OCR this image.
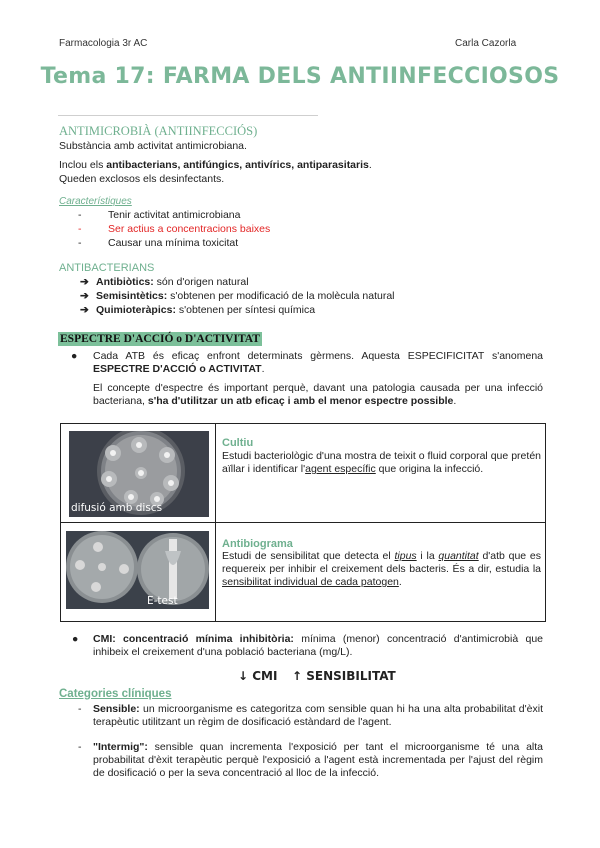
Farmacologia 3r AC	Carla Cazorla
Tema 17: FARMA DELS ANTIINFECCIOSOS
ANTIMICROBIÀ (ANTIINFECCIÓS)
Substància amb activitat antimicrobiana.
Inclou els antibacterians, antifúngics, antivírics, antiparasitaris.
Queden exclosos els desinfectants.
Característiques
-	Tenir activitat antimicrobiana
-	Ser actius a concentracions baixes
-	Causar una mínima toxicitat
ANTIBACTERIANS
➔ Antibiòtics: són d'origen natural
➔ Semisintètics: s'obtenen per modificació de la molècula natural
➔ Quimioteràpics: s'obtenen per síntesi química
ESPECTRE D'ACCIÓ o D'ACTIVITAT
● Cada ATB és eficaç enfront determinats gèrmens. Aquesta ESPECIFICITAT s'anomena ESPECTRE D'ACCIÓ o ACTIVITAT.
El concepte d'espectre és important perquè, davant una patologia causada per una infecció bacteriana, s'ha d'utilitzar un atb eficaç i amb el menor espectre possible.
difusió amb discs	Cultiu
Estudi bacteriològic d'una mostra de teixit o fluid corporal que pretén aïllar i identificar l'agent específic que origina la infecció.

E-test	Antibiograma
Estudi de sensibilitat que detecta el tipus i la quantitat d'atb que es requereix per inhibir el creixement dels bacteris. És a dir, estudia la sensibilitat individual de cada patogen.
● CMI: concentració mínima inhibitòria: mínima (menor) concentració d'antimicrobià que inhibeix el creixement d'una població bacteriana (mg/L).
↓ CMI ↑ SENSIBILITAT
Categories clíniques
- Sensible: un microorganisme es categoritza com sensible quan hi ha una alta probabilitat d'èxit terapèutic utilitzant un règim de dosificació estàndard de l'agent.
- "Intermig": sensible quan incrementa l'exposició per tant el microorganisme té una alta probabilitat d'èxit terapèutic perquè l'exposició a l'agent està incrementada per l'ajust del règim de dosificació o per la seva concentració al lloc de la infecció.
